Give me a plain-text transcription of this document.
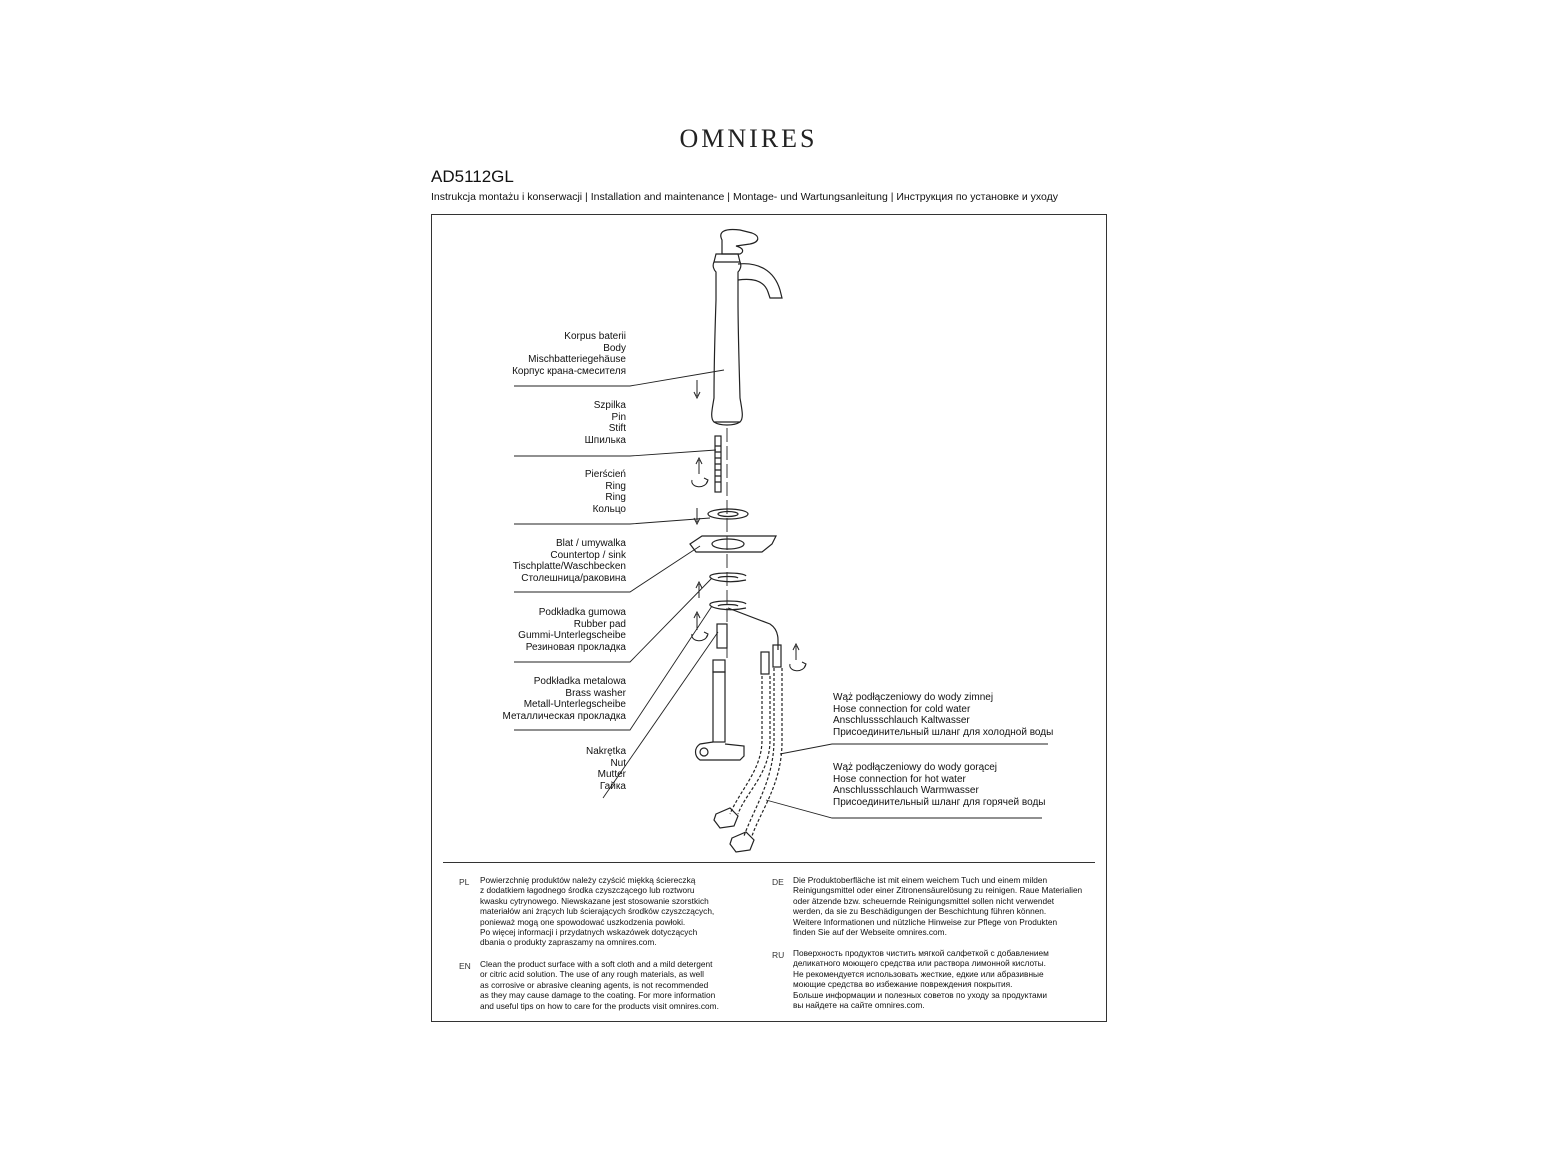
OMNIRES
AD5112GL
Instrukcja montażu i konserwacji | Installation and maintenance | Montage- und Wartungsanleitung | Инструкция по установке и уходу
Korpus baterii
Body
Mischbatteriegehäuse
Корпус крана-смесителя
Szpilka
Pin
Stift
Шпилька
Pierścień
Ring
Ring
Кольцо
Blat / umywalka
Countertop / sink
Tischplatte/Waschbecken
Столешница/раковина
Podkładka gumowa
Rubber pad
Gummi-Unterlegscheibe
Резиновая прокладка
Podkładka metalowa
Brass washer
Metall-Unterlegscheibe
Металлическая прокладка
Nakrętka
Nut
Mutter
Гайка
Wąż podłączeniowy do wody zimnej
Hose connection for cold water
Anschlussschlauch Kaltwasser
Присоединительный шланг для холодной воды
Wąż podłączeniowy do wody gorącej
Hose connection for hot water
Anschlussschlauch Warmwasser
Присоединительный шланг для горячей воды
PL Powierzchnię produktów należy czyścić miękką ściereczką
z dodatkiem łagodnego środka czyszczącego lub roztworu
kwasku cytrynowego. Niewskazane jest stosowanie szorstkich
materiałów ani żrących lub ścierających środków czyszczących,
ponieważ mogą one spowodować uszkodzenia powłoki.
Po więcej informacji i przydatnych wskazówek dotyczących
dbania o produkty zapraszamy na omnires.com.
EN Clean the product surface with a soft cloth and a mild detergent
or citric acid solution. The use of any rough materials, as well
as corrosive or abrasive cleaning agents, is not recommended
as they may cause damage to the coating. For more information
and useful tips on how to care for the products visit omnires.com.
DE Die Produktoberfläche ist mit einem weichem Tuch und einem milden
Reinigungsmittel oder einer Zitronensäurelösung zu reinigen. Raue Materialien
oder ätzende bzw. scheuernde Reinigungsmittel sollen nicht verwendet
werden, da sie zu Beschädigungen der Beschichtung führen können.
Weitere Informationen und nützliche Hinweise zur Pflege von Produkten
finden Sie auf der Webseite omnires.com.
RU Поверхность продуктов чистить мягкой салфеткой с добавлением
деликатного моющего средства или раствора лимонной кислоты.
Не рекомендуется использовать жесткие, едкие или абразивные
моющие средства во избежание повреждения покрытия.
Больше информации и полезных советов по уходу за продуктами
вы найдете на сайте omnires.com.
